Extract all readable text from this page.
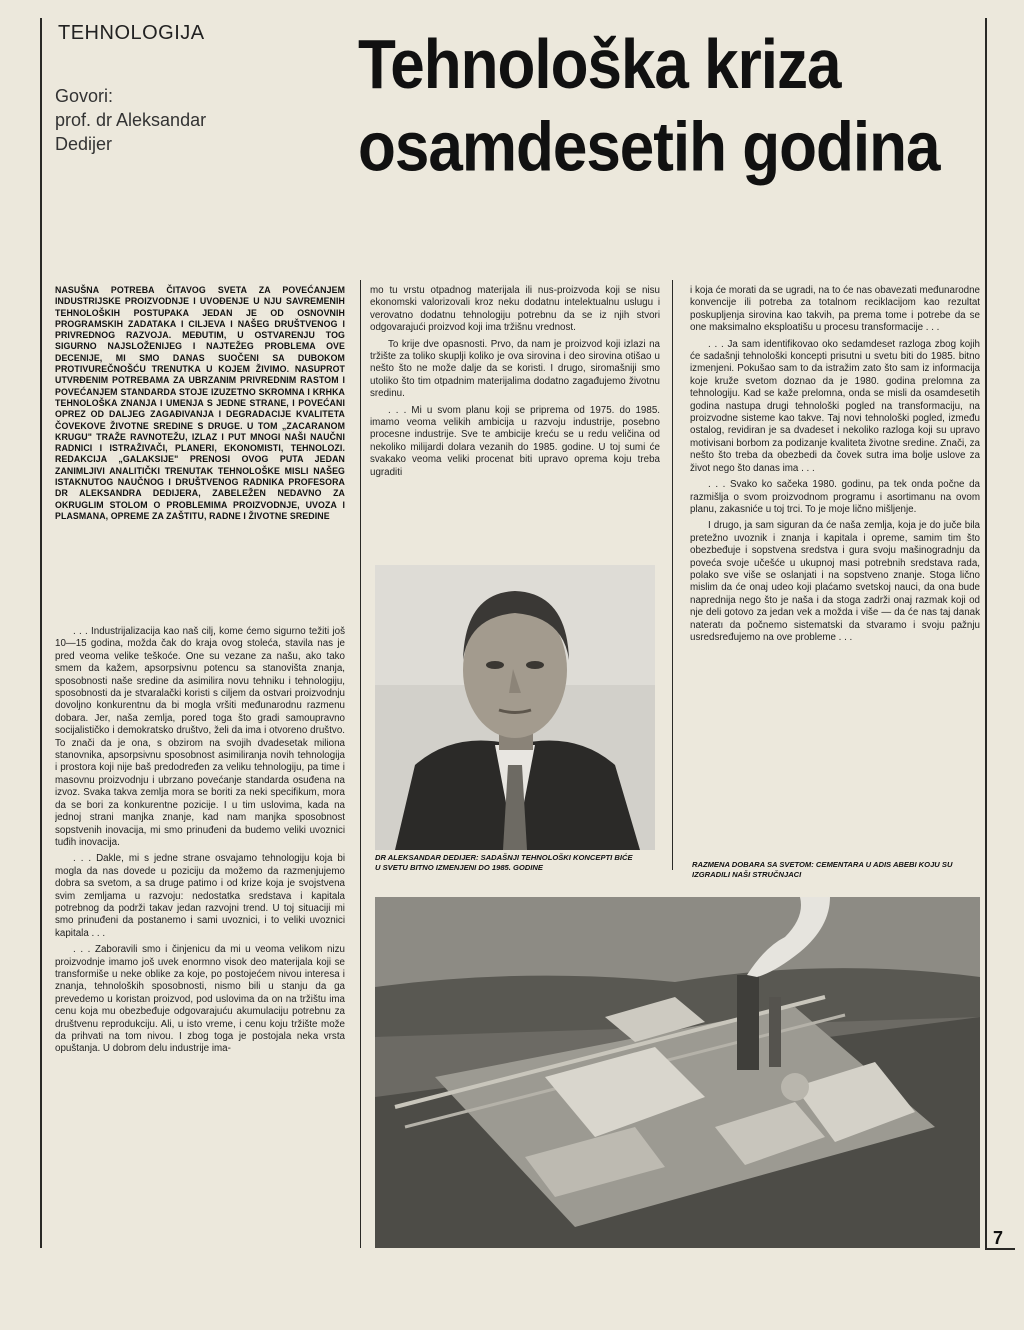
TEHNOLOGIJA
Govori:
prof. dr Aleksandar
Dedijer
Tehnološka kriza
osamdesetih godina
NASUŠNA POTREBA ČITAVOG SVETA ZA POVEĆANJEM INDUSTRIJSKE PROIZVODNJE I UVOĐENJE U NJU SAVREMENIH TEHNOLOŠKIH POSTUPAKA JEDAN JE OD OSNOVNIH PROGRAMSKIH ZADATAKA I CILJEVA I NAŠEG DRUŠTVENOG I PRIVREDNOG RAZVOJA. MEĐUTIM, U OSTVARENJU TOG SIGURNO NAJSLOŽENIJEG I NAJTEŽEG PROBLEMA OVE DECENIJE, MI SMO DANAS SUOČENI SA DUBOKOM PROTIVUREČNOŠĆU TRENUTKA U KOJEM ŽIVIMO. NASUPROT UTVRĐENIM POTREBAMA ZA UBRZANIM PRIVREDNIM RASTOM I POVEĆANJEM STANDARDA STOJE IZUZETNO SKROMNA I KRHKA TEHNOLOŠKA ZNANJA I UMENJA S JEDNE STRANE, I POVEĆANI OPREZ OD DALJEG ZAGAĐIVANJA I DEGRADACIJE KVALITETA ČOVEKOVE ŽIVOTNE SREDINE S DRUGE. U TOM „ZACARANOM KRUGU" TRAŽE RAVNOTEŽU, IZLAZ I PUT MNOGI NAŠI NAUČNI RADNICI I ISTRAŽIVAČI, PLANERI, EKONOMISTI, TEHNOLOZI. REDAKCIJA „GALAKSIJE" PRENOSI OVOG PUTA JEDAN ZANIMLJIVI ANALITIČKI TRENUTAK TEHNOLOŠKE MISLI NAŠEG ISTAKNUTOG NAUČNOG I DRUŠTVENOG RADNIKA PROFESORA DR ALEKSANDRA DEDIJERA, ZABELEŽEN NEDAVNO ZA OKRUGLIM STOLOM O PROBLEMIMA PROIZVODNJE, UVOZA I PLASMANA, OPREME ZA ZAŠTITU, RADNE I ŽIVOTNE SREDINE

. . . Industrijalizacija kao naš cilj, kome ćemo sigurno težiti još 10—15 godina, možda čak do kraja ovog stoleća, stavila nas je pred veoma velike teškoće. One su vezane za našu, ako tako smem da kažem, apsorpsivnu potencu sa stanovišta znanja, sposobnosti naše sredine da asimilira novu tehniku i tehnologiju, sposobnosti da je stvaralački koristi s ciljem da ostvari proizvodnju dovoljno konkurentnu da bi mogla vršiti međunarodnu razmenu dobara. Jer, naša zemlja, pored toga što gradi samoupravno socijalističko i demokratsko društvo, želi da ima i otvoreno društvo. To znači da je ona, s obzirom na svojih dvadesetak miliona stanovnika, apsorpsivnu sposobnost asimiliranja novih tehnologija i prostora koji nije baš predodređen za veliku tehnologiju, pa time i masovnu proizvodnju i ubrzano povećanje standarda osuđena na izvoz. Svaka takva zemlja mora se boriti za neki specifikum, mora da se bori za konkurentne pozicije. I u tim uslovima, kada na jednoj strani manjka znanje, kad nam manjka sposobnost sopstvenih inovacija, mi smo prinuđeni da budemo veliki uvoznici tuđih inovacija.

. . . Dakle, mi s jedne strane osvajamo tehnologiju koja bi mogla da nas dovede u poziciju da možemo da razmenjujemo dobra sa svetom, a sa druge patimo i od krize koja je svojstvena svim zemljama u razvoju: nedostatka sredstava i kapitala potrebnog da podrži takav jedan razvojni trend. U toj situaciji mi smo prinuđeni da postanemo i sami uvoznici, i to veliki uvoznici kapitala . . .

. . . Zaboravili smo i činjenicu da mi u veoma velikom nizu proizvodnje imamo još uvek enormno visok deo materijala koji se transformiše u neke oblike za koje, po postojećem nivou interesa i znanja, tehnoloških sposobnosti, nismo bili u stanju da ga prevedemo u koristan proizvod, pod uslovima da on na tržištu ima cenu koja mu obezbeđuje odgovarajuću akumulaciju potrebnu za društvenu reprodukciju. Ali, u isto vreme, i cenu koju tržište može da prihvati na tom nivou. I zbog toga je postojala neka vrsta opuštanja. U dobrom delu industrije ima-

mo tu vrstu otpadnog materijala ili nus-proizvoda koji se nisu ekonomski valorizovali kroz neku dodatnu intelektualnu uslugu i verovatno dodatnu tehnologiju potrebnu da se iz njih stvori odgovarajući proizvod koji ima tržišnu vrednost.

To krije dve opasnosti. Prvo, da nam je proizvod koji izlazi na tržište za toliko skuplji koliko je ova sirovina i deo sirovina otišao u nešto što ne može dalje da se koristi. I drugo, siromašniji smo utoliko što tim otpadnim materijalima dodatno zagađujemo životnu sredinu.

. . . Mi u svom planu koji se priprema od 1975. do 1985. imamo veoma velikih ambicija u razvoju industrije, posebno procesne industrije. Sve te ambicije kreću se u redu veličina od nekoliko milijardi dolara vezanih do 1985. godine. U toj sumi će svakako veoma veliki procenat biti upravo oprema koju treba ugraditi

i koja će morati da se ugradi, na to će nas obavezati međunarodne konvencije ili potreba za totalnom reciklacijom kao rezultat poskupljenja sirovina kao takvih, pa prema tome i potrebe da se one maksimalno eksploatišu u procesu transformacije . . .

. . . Ja sam identifikovao oko sedamdeset razloga zbog kojih će sadašnji tehnološki koncepti prisutni u svetu biti do 1985. bitno izmenjeni. Pokušao sam to da istražim zato što sam iz informacija koje kruže svetom doznao da je 1980. godina prelomna za tehnologiju. Kad se kaže prelomna, onda se misli da osamdesetih godina nastupa drugi tehnološki pogled na transformaciju, na proizvodne sisteme kao takve. Taj novi tehnološki pogled, između ostalog, revidiran je sa dvadeset i nekoliko razloga koji su upravo motivisani borbom za podizanje kvaliteta životne sredine. Znači, za nešto što treba da obezbedi da čovek sutra ima bolje uslove za život nego što danas ima . . .

. . . Svako ko sačeka 1980. godinu, pa tek onda počne da razmišlja o svom proizvodnom programu i asortimanu na ovom planu, zakasniće u toj trci. To je moje lično mišljenje.

I drugo, ja sam siguran da će naša zemlja, koja je do juče bila pretežno uvoznik i znanja i kapitala i opreme, samim tim što obezbeđuje i sopstvena sredstva i gura svoju mašinogradnju da poveća svoje učešće u ukupnoj masi potrebnih sredstava rada, polako sve više se oslanjati i na sopstveno znanje. Stoga lično mislim da će onaj udeo koji plaćamo svetskoj nauci, da ona bude naprednija nego što je naša i da stoga zadrži onaj razmak koji od nje deli gotovo za jedan vek a možda i više — da će nas taj danak nateratı da počnemo sistematski da stvaramo i svoju pažnju usredsređujemo na ove probleme . . .

DR ALEKSANDAR DEDIJER: SADAŠNJI TEHNOLOŠKI KONCEPTI BIĆE U SVETU BITNO IZMENJENI DO 1985. GODINE	RAZMENA DOBARA SA SVETOM: CEMENTARA U ADIS ABEBI KOJU SU IZGRADILI NAŠI STRUČNJACI
7
